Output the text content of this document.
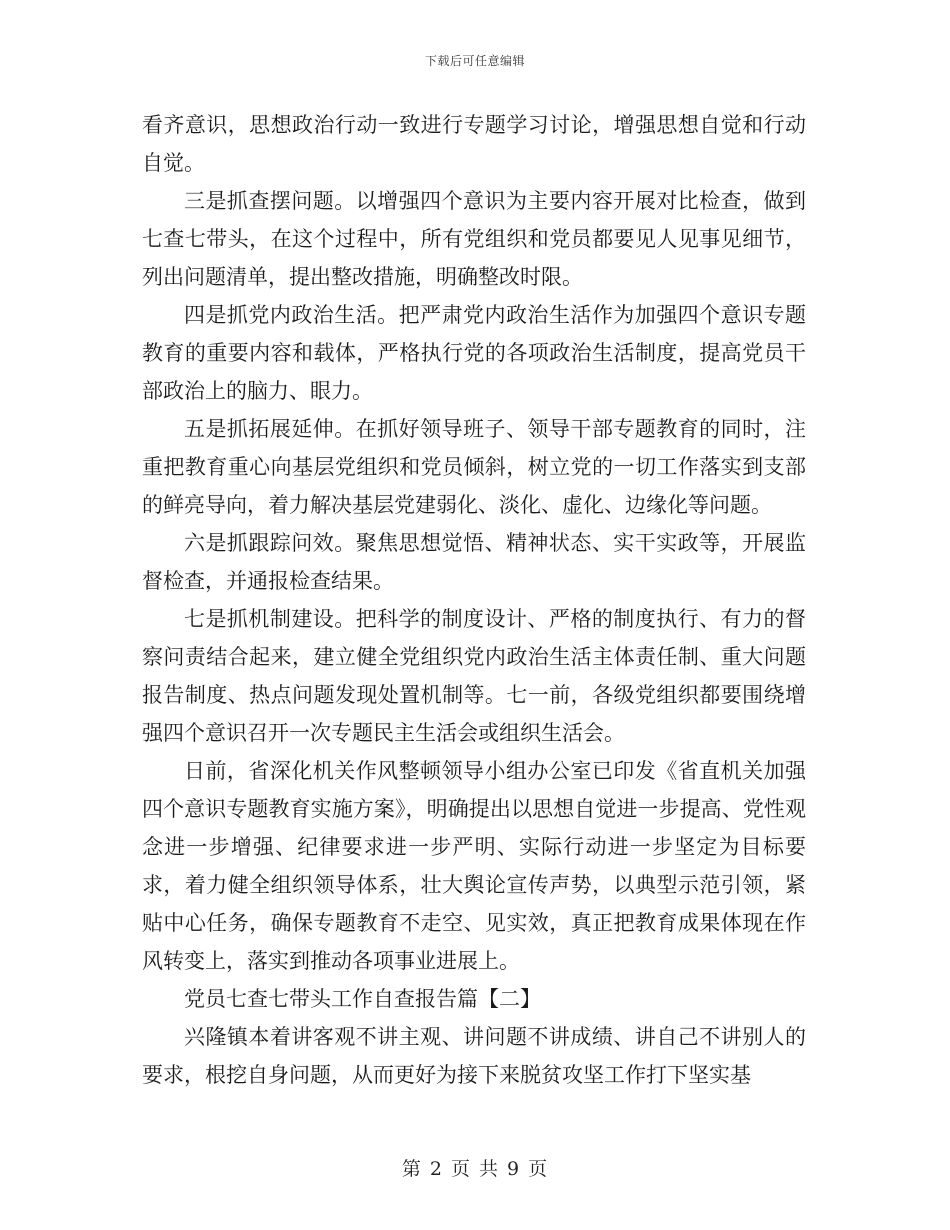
下载后可任意编辑

看齐意识，思想政治行动一致进行专题学习讨论，增强思想自觉和行动自觉。

三是抓查摆问题。以增强四个意识为主要内容开展对比检查，做到七查七带头，在这个过程中，所有党组织和党员都要见人见事见细节，列出问题清单，提出整改措施，明确整改时限。

四是抓党内政治生活。把严肃党内政治生活作为加强四个意识专题教育的重要内容和载体，严格执行党的各项政治生活制度，提高党员干部政治上的脑力、眼力。

五是抓拓展延伸。在抓好领导班子、领导干部专题教育的同时，注重把教育重心向基层党组织和党员倾斜，树立党的一切工作落实到支部的鲜亮导向，着力解决基层党建弱化、淡化、虚化、边缘化等问题。

六是抓跟踪问效。聚焦思想觉悟、精神状态、实干实政等，开展监督检查，并通报检查结果。

七是抓机制建设。把科学的制度设计、严格的制度执行、有力的督察问责结合起来，建立健全党组织党内政治生活主体责任制、重大问题报告制度、热点问题发现处置机制等。七一前，各级党组织都要围绕增强四个意识召开一次专题民主生活会或组织生活会。

日前，省深化机关作风整顿领导小组办公室已印发《省直机关加强四个意识专题教育实施方案》，明确提出以思想自觉进一步提高、党性观念进一步增强、纪律要求进一步严明、实际行动进一步坚定为目标要求，着力健全组织领导体系，壮大舆论宣传声势，以典型示范引领，紧贴中心任务，确保专题教育不走空、见实效，真正把教育成果体现在作风转变上，落实到推动各项事业进展上。

党员七查七带头工作自查报告篇【二】

兴隆镇本着讲客观不讲主观、讲问题不讲成绩、讲自己不讲别人的要求，根挖自身问题，从而更好为接下来脱贫攻坚工作打下坚实基

第 2 页 共 9 页
